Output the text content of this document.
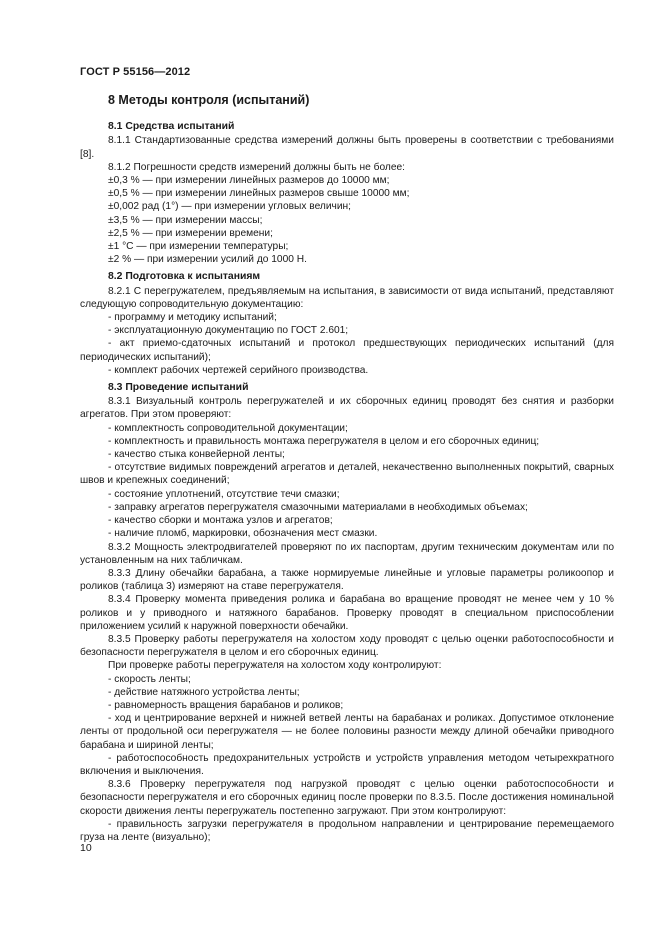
ГОСТ Р 55156—2012
8 Методы контроля (испытаний)
8.1 Средства испытаний

8.1.1 Стандартизованные средства измерений должны быть проверены в соответствии с требованиями [8].

8.1.2 Погрешности средств измерений должны быть не более:

±0,3 % — при измерении линейных размеров до 10000 мм;
±0,5 % — при измерении линейных размеров свыше 10000 мм;
±0,002 рад (1°) — при измерении угловых величин;
±3,5 % — при измерении массы;
±2,5 % — при измерении времени;
±1 °С — при измерении температуры;
±2 % — при измерении усилий до 1000 Н.
8.2 Подготовка к испытаниям

8.2.1 С перегружателем, предъявляемым на испытания, в зависимости от вида испытаний, представляют следующую сопроводительную документацию:

- программу и методику испытаний;
- эксплуатационную документацию по ГОСТ 2.601;
- акт приемо-сдаточных испытаний и протокол предшествующих периодических испытаний (для периодических испытаний);
- комплект рабочих чертежей серийного производства.
8.3 Проведение испытаний

8.3.1 Визуальный контроль перегружателей и их сборочных единиц проводят без снятия и разборки агрегатов. При этом проверяют:

- комплектность сопроводительной документации;
- комплектность и правильность монтажа перегружателя в целом и его сборочных единиц;
- качество стыка конвейерной ленты;
- отсутствие видимых повреждений агрегатов и деталей, некачественно выполненных покрытий, сварных швов и крепежных соединений;
- состояние уплотнений, отсутствие течи смазки;
- заправку агрегатов перегружателя смазочными материалами в необходимых объемах;
- качество сборки и монтажа узлов и агрегатов;
- наличие пломб, маркировки, обозначения мест смазки.

8.3.2 Мощность электродвигателей проверяют по их паспортам, другим техническим документам или по установленным на них табличкам.

8.3.3 Длину обечайки барабана, а также нормируемые линейные и угловые параметры роликоопор и роликов (таблица 3) измеряют на ставе перегружателя.

8.3.4 Проверку момента приведения ролика и барабана во вращение проводят не менее чем у 10 % роликов и у приводного и натяжного барабанов. Проверку проводят в специальном приспособлении приложением усилий к наружной поверхности обечайки.

8.3.5 Проверку работы перегружателя на холостом ходу проводят с целью оценки работоспособности и безопасности перегружателя в целом и его сборочных единиц.

При проверке работы перегружателя на холостом ходу контролируют:

- скорость ленты;
- действие натяжного устройства ленты;
- равномерность вращения барабанов и роликов;
- ход и центрирование верхней и нижней ветвей ленты на барабанах и роликах. Допустимое отклонение ленты от продольной оси перегружателя — не более половины разности между длиной обечайки приводного барабана и шириной ленты;
- работоспособность предохранительных устройств и устройств управления методом четырехкратного включения и выключения.

8.3.6 Проверку перегружателя под нагрузкой проводят с целью оценки работоспособности и безопасности перегружателя и его сборочных единиц после проверки по 8.3.5. После достижения номинальной скорости движения ленты перегружатель постепенно загружают. При этом контролируют:

- правильность загрузки перегружателя в продольном направлении и центрирование перемещаемого груза на ленте (визуально);
10
